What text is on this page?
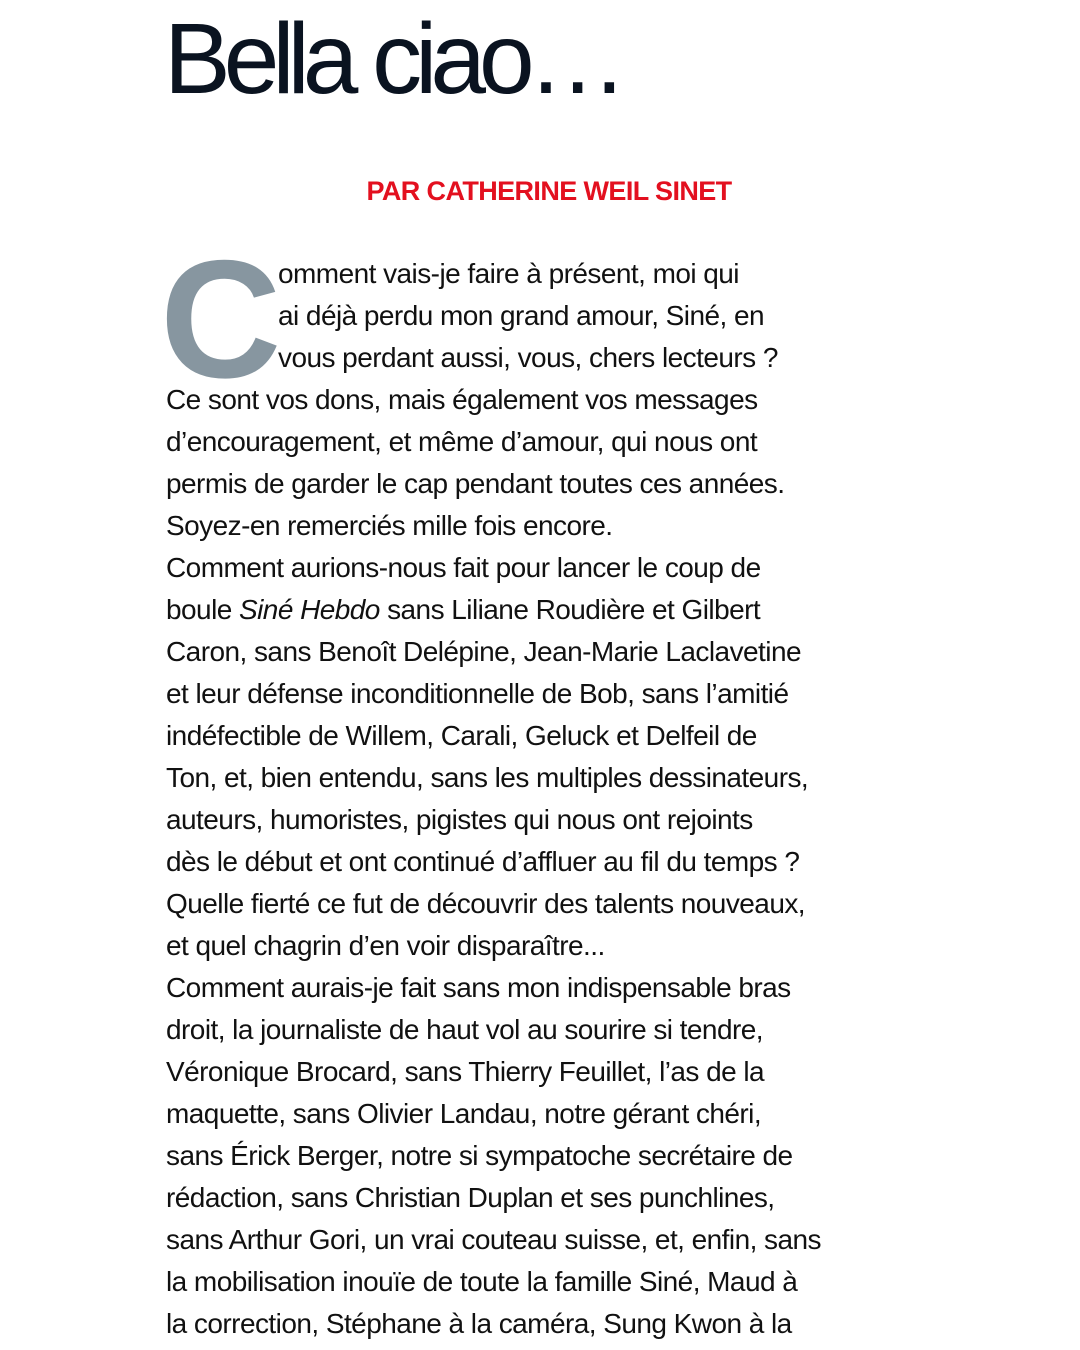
Bella ciao…

PAR CATHERINE WEIL SINET

C
omment vais-je faire à présent, moi qui
ai déjà perdu mon grand amour, Siné, en
vous perdant aussi, vous, chers lecteurs ?
Ce sont vos dons, mais également vos messages
d’encouragement, et même d’amour, qui nous ont
permis de garder le cap pendant toutes ces années.
Soyez-en remerciés mille fois encore.
Comment aurions-nous fait pour lancer le coup de
boule Siné Hebdo sans Liliane Roudière et Gilbert
Caron, sans Benoît Delépine, Jean-Marie Laclavetine
et leur défense inconditionnelle de Bob, sans l’amitié
indéfectible de Willem, Carali, Geluck et Delfeil de
Ton, et, bien entendu, sans les multiples dessinateurs,
auteurs, humoristes, pigistes qui nous ont rejoints
dès le début et ont continué d’affluer au fil du temps ?
Quelle fierté ce fut de découvrir des talents nouveaux,
et quel chagrin d’en voir disparaître...
Comment aurais-je fait sans mon indispensable bras
droit, la journaliste de haut vol au sourire si tendre,
Véronique Brocard, sans Thierry Feuillet, l’as de la
maquette, sans Olivier Landau, notre gérant chéri,
sans Érick Berger, notre si sympatoche secrétaire de
rédaction, sans Christian Duplan et ses punchlines,
sans Arthur Gori, un vrai couteau suisse, et, enfin, sans
la mobilisation inouïe de toute la famille Siné, Maud à
la correction, Stéphane à la caméra, Sung Kwon à la
